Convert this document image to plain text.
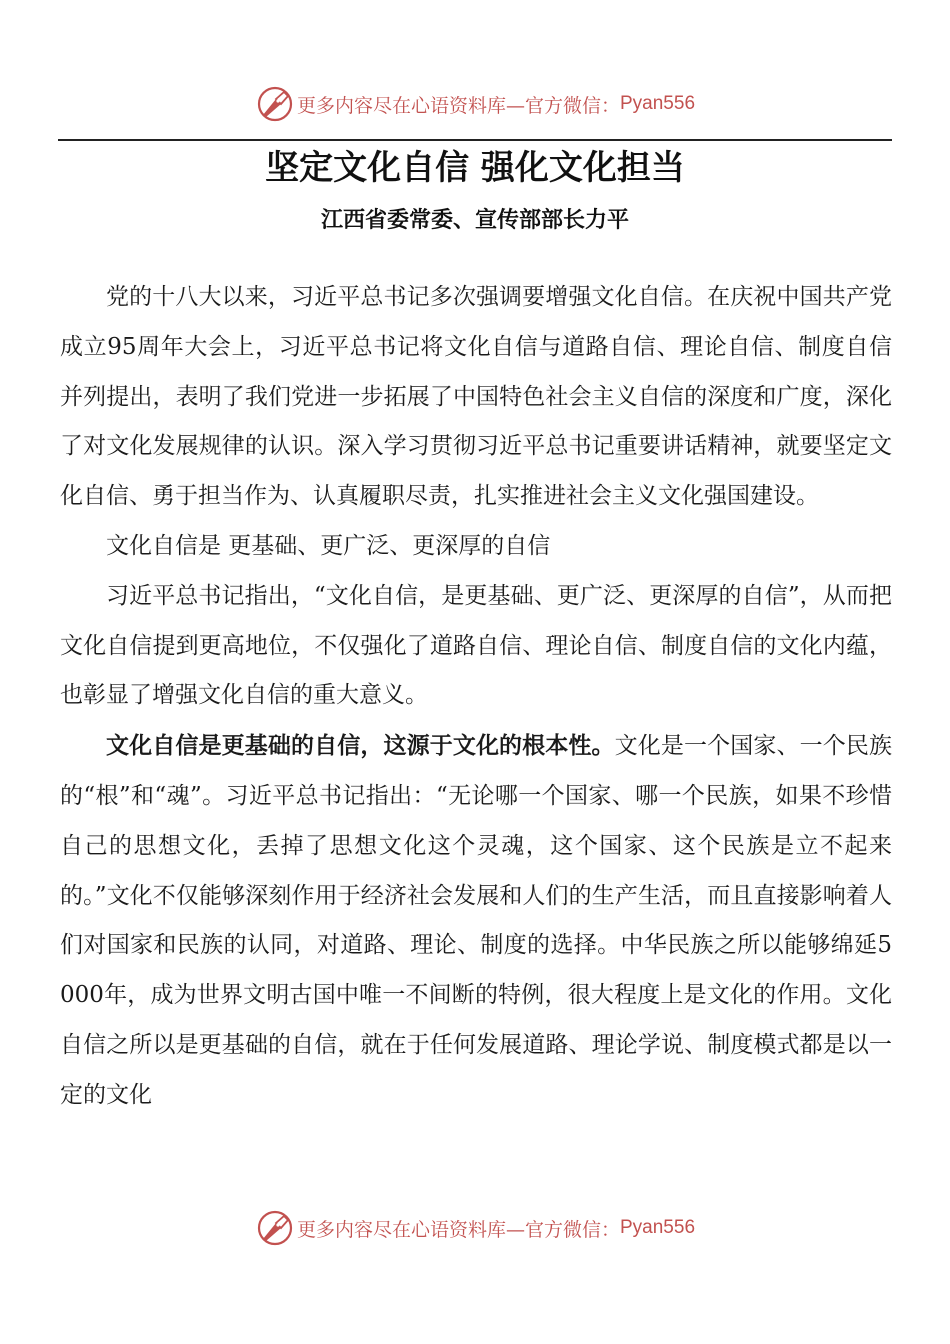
更多内容尽在心语资料库—官方微信： Pyan556
坚定文化自信 强化文化担当
江西省委常委、宣传部部长力平

党的十八大以来，习近平总书记多次强调要增强文化自信。在庆祝中国共产党成立95周年大会上，习近平总书记将文化自信与道路自信、理论自信、制度自信并列提出，表明了我们党进一步拓展了中国特色社会主义自信的深度和广度，深化了对文化发展规律的认识。深入学习贯彻习近平总书记重要讲话精神，就要坚定文化自信、勇于担当作为、认真履职尽责，扎实推进社会主义文化强国建设。

文化自信是 更基础、更广泛、更深厚的自信

习近平总书记指出，“文化自信，是更基础、更广泛、更深厚的自信”，从而把文化自信提到更高地位，不仅强化了道路自信、理论自信、制度自信的文化内蕴，也彰显了增强文化自信的重大意义。

文化自信是更基础的自信，这源于文化的根本性。文化是一个国家、一个民族的“根”和“魂”。习近平总书记指出：“无论哪一个国家、哪一个民族，如果不珍惜自己的思想文化，丢掉了思想文化这个灵魂，这个国家、这个民族是立不起来的。”文化不仅能够深刻作用于经济社会发展和人们的生产生活，而且直接影响着人们对国家和民族的认同，对道路、理论、制度的选择。中华民族之所以能够绵延5000年，成为世界文明古国中唯一不间断的特例，很大程度上是文化的作用。文化自信之所以是更基础的自信，就在于任何发展道路、理论学说、制度模式都是以一定的文化

更多内容尽在心语资料库—官方微信： Pyan556
